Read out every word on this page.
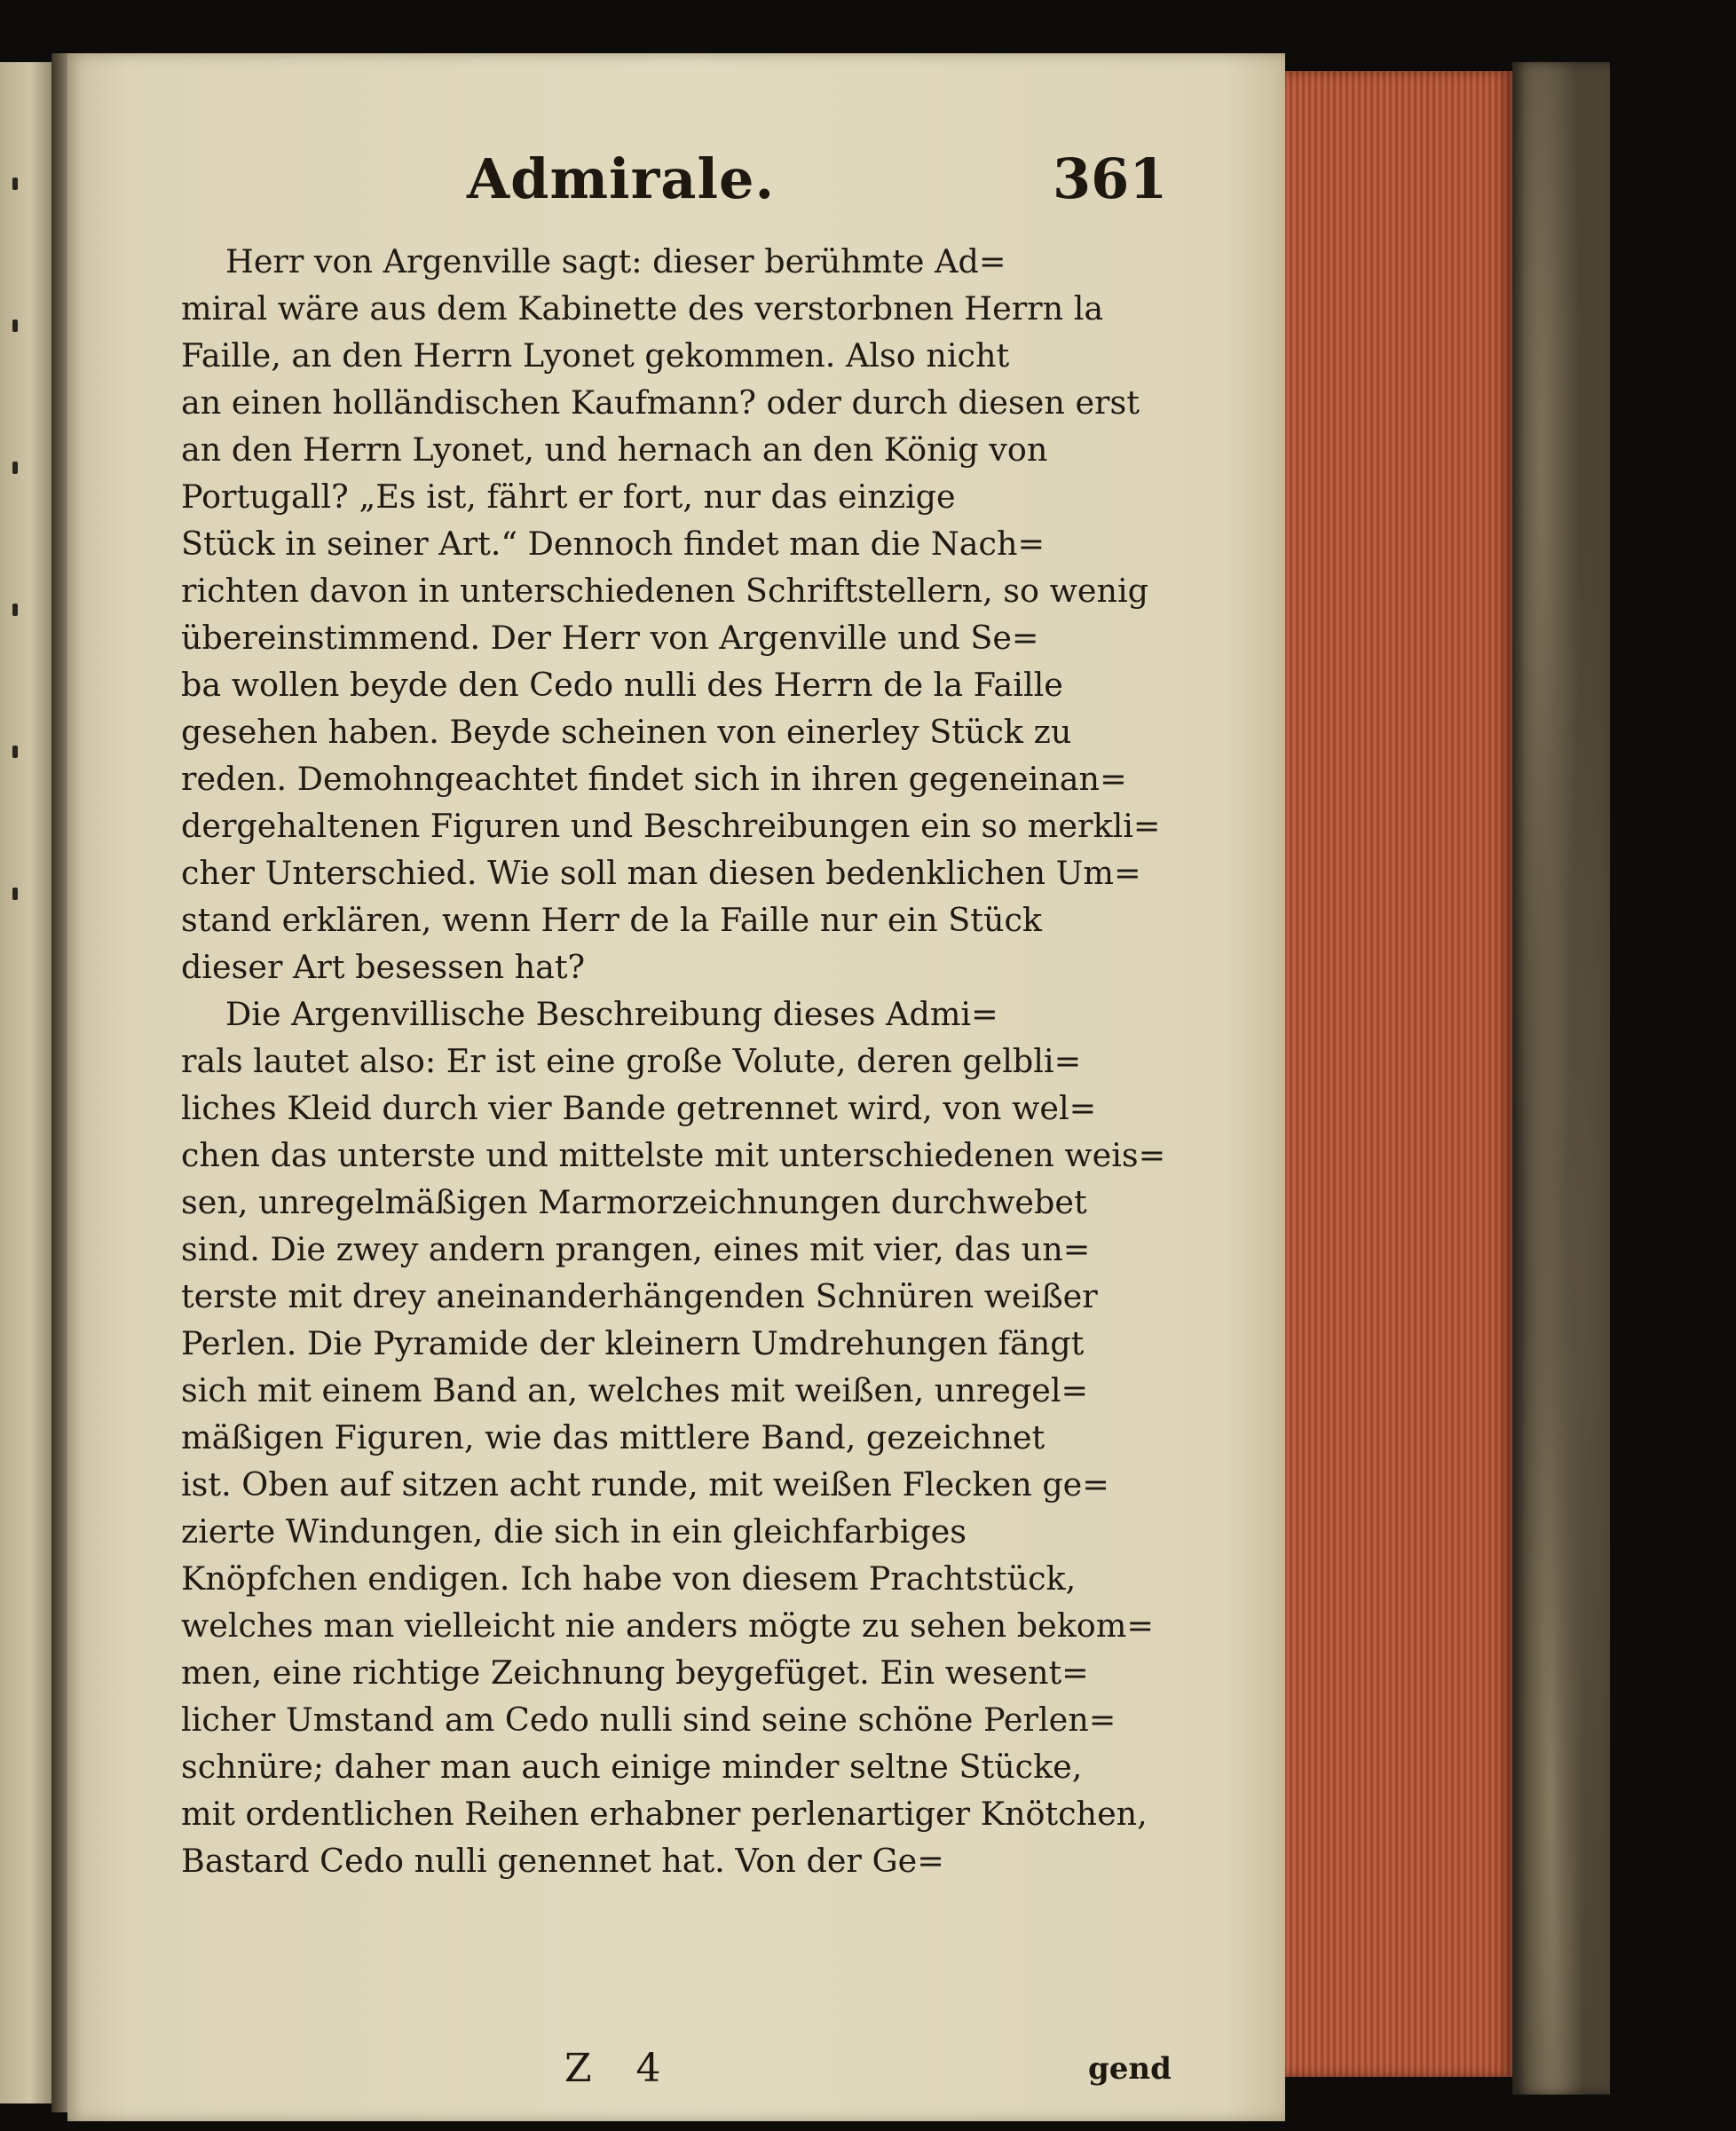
Admirale.	361
Herr von Argenville sagt: dieser berühmte Ad=
miral wäre aus dem Kabinette des verstorbnen Herrn la
Faille, an den Herrn Lyonet gekommen. Also nicht
an einen holländischen Kaufmann? oder durch diesen erst
an den Herrn Lyonet, und hernach an den König von
Portugall? „Es ist, fährt er fort, nur das einzige
Stück in seiner Art.“ Dennoch findet man die Nach=
richten davon in unterschiedenen Schriftstellern, so wenig
übereinstimmend. Der Herr von Argenville und Se=
ba wollen beyde den Cedo nulli des Herrn de la Faille
gesehen haben. Beyde scheinen von einerley Stück zu
reden. Demohngeachtet findet sich in ihren gegeneinan=
dergehaltenen Figuren und Beschreibungen ein so merkli=
cher Unterschied. Wie soll man diesen bedenklichen Um=
stand erklären, wenn Herr de la Faille nur ein Stück
dieser Art besessen hat?
Die Argenvillische Beschreibung dieses Admi=
rals lautet also: Er ist eine große Volute, deren gelbli=
liches Kleid durch vier Bande getrennet wird, von wel=
chen das unterste und mittelste mit unterschiedenen weis=
sen, unregelmäßigen Marmorzeichnungen durchwebet
sind. Die zwey andern prangen, eines mit vier, das un=
terste mit drey aneinanderhängenden Schnüren weißer
Perlen. Die Pyramide der kleinern Umdrehungen fängt
sich mit einem Band an, welches mit weißen, unregel=
mäßigen Figuren, wie das mittlere Band, gezeichnet
ist. Oben auf sitzen acht runde, mit weißen Flecken ge=
zierte Windungen, die sich in ein gleichfarbiges
Knöpfchen endigen. Ich habe von diesem Prachtstück,
welches man vielleicht nie anders mögte zu sehen bekom=
men, eine richtige Zeichnung beygefüget. Ein wesent=
licher Umstand am Cedo nulli sind seine schöne Perlen=
schnüre; daher man auch einige minder seltne Stücke,
mit ordentlichen Reihen erhabner perlenartiger Knötchen,
Bastard Cedo nulli genennet hat. Von der Ge=
Z 4	gend
